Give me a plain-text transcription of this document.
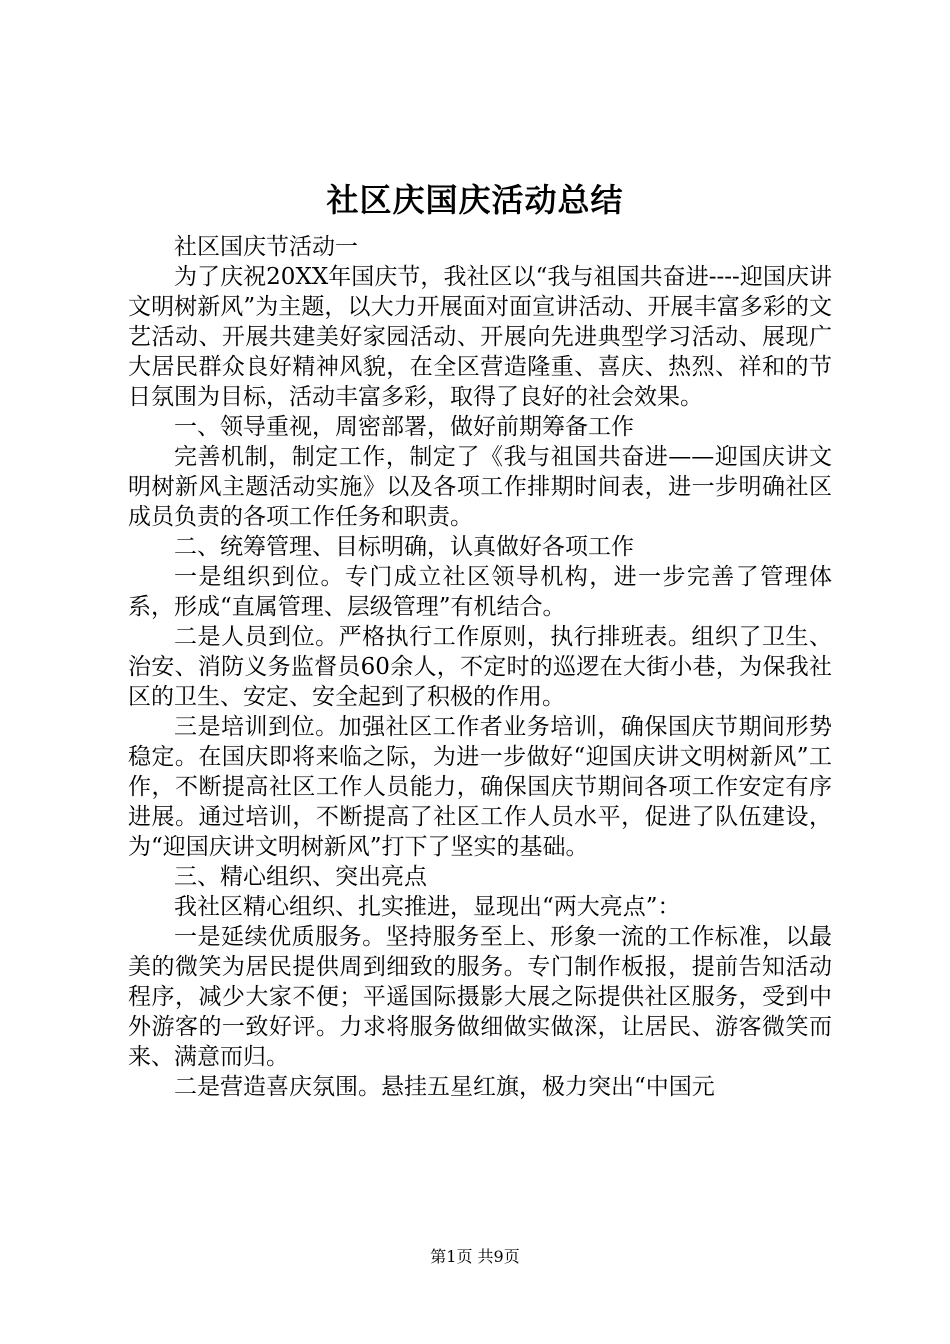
社区庆国庆活动总结

社区国庆节活动一

为了庆祝20XX年国庆节，我社区以“我与祖国共奋进----迎国庆讲文明树新风”为主题，以大力开展面对面宣讲活动、开展丰富多彩的文艺活动、开展共建美好家园活动、开展向先进典型学习活动、展现广大居民群众良好精神风貌，在全区营造隆重、喜庆、热烈、祥和的节日氛围为目标，活动丰富多彩，取得了良好的社会效果。

一、领导重视，周密部署，做好前期筹备工作

完善机制，制定工作，制定了《我与祖国共奋进——迎国庆讲文明树新风主题活动实施》以及各项工作排期时间表，进一步明确社区成员负责的各项工作任务和职责。

二、统筹管理、目标明确，认真做好各项工作

一是组织到位。专门成立社区领导机构，进一步完善了管理体系，形成“直属管理、层级管理”有机结合。

二是人员到位。严格执行工作原则，执行排班表。组织了卫生、治安、消防义务监督员60余人，不定时的巡逻在大街小巷，为保我社区的卫生、安定、安全起到了积极的作用。

三是培训到位。加强社区工作者业务培训，确保国庆节期间形势稳定。在国庆即将来临之际，为进一步做好“迎国庆讲文明树新风”工作，不断提高社区工作人员能力，确保国庆节期间各项工作安定有序进展。通过培训，不断提高了社区工作人员水平，促进了队伍建设，为“迎国庆讲文明树新风”打下了坚实的基础。

三、精心组织、突出亮点

我社区精心组织、扎实推进，显现出“两大亮点”：

一是延续优质服务。坚持服务至上、形象一流的工作标准，以最美的微笑为居民提供周到细致的服务。专门制作板报，提前告知活动程序，减少大家不便；平遥国际摄影大展之际提供社区服务，受到中外游客的一致好评。力求将服务做细做实做深，让居民、游客微笑而来、满意而归。

二是营造喜庆氛围。悬挂五星红旗，极力突出“中国元

第1页 共9页
